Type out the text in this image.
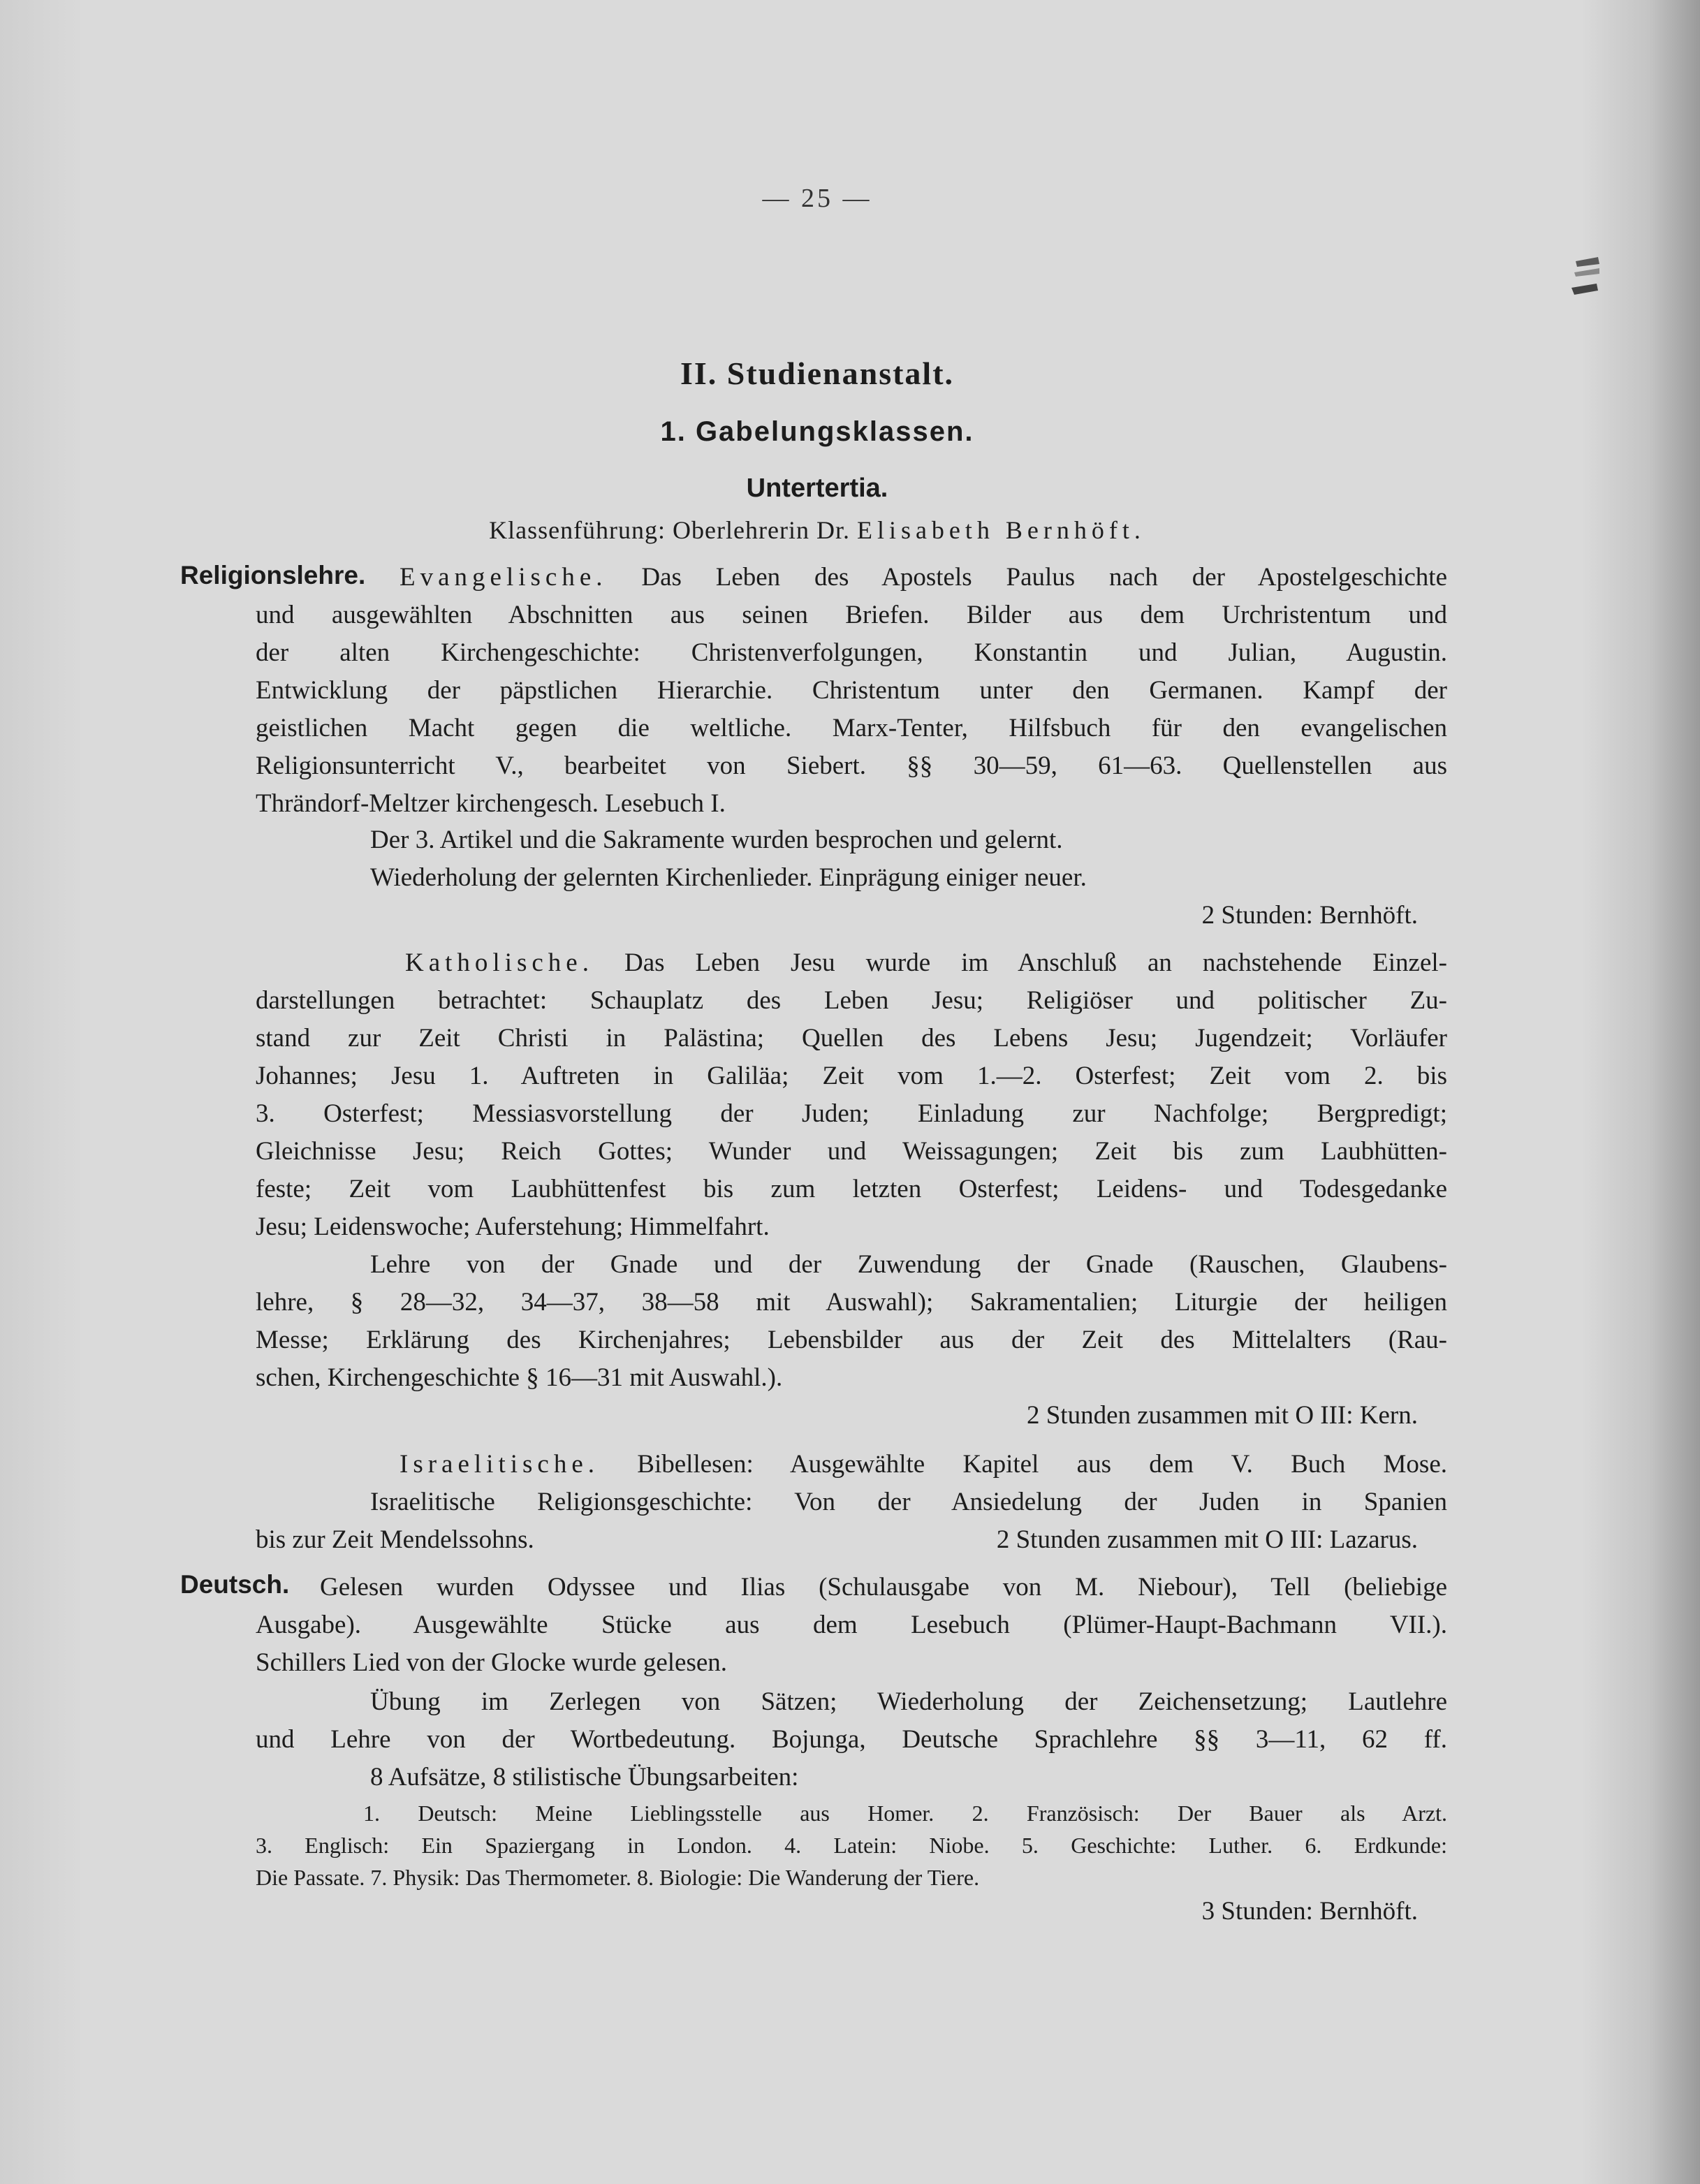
— 25 —
II. Studienanstalt.
1. Gabelungsklassen.
Untertertia.
Klassenführung: Oberlehrerin Dr. Elisabeth Bernhöft.
Religionslehre. Evangelische. Das Leben des Apostels Paulus nach der Apostelgeschichte
und ausgewählten Abschnitten aus seinen Briefen. Bilder aus dem Urchristentum und
der alten Kirchengeschichte: Christenverfolgungen, Konstantin und Julian, Augustin.
Entwicklung der päpstlichen Hierarchie. Christentum unter den Germanen. Kampf der
geistlichen Macht gegen die weltliche. Marx-Tenter, Hilfsbuch für den evangelischen
Religionsunterricht V., bearbeitet von Siebert. §§ 30—59, 61—63. Quellenstellen aus
Thrändorf-Meltzer kirchengesch. Lesebuch I.
Der 3. Artikel und die Sakramente wurden besprochen und gelernt.
Wiederholung der gelernten Kirchenlieder. Einprägung einiger neuer.
2 Stunden: Bernhöft.
Katholische. Das Leben Jesu wurde im Anschluß an nachstehende Einzel-
darstellungen betrachtet: Schauplatz des Leben Jesu; Religiöser und politischer Zu-
stand zur Zeit Christi in Palästina; Quellen des Lebens Jesu; Jugendzeit; Vorläufer
Johannes; Jesu 1. Auftreten in Galiläa; Zeit vom 1.—2. Osterfest; Zeit vom 2. bis
3. Osterfest; Messiasvorstellung der Juden; Einladung zur Nachfolge; Bergpredigt;
Gleichnisse Jesu; Reich Gottes; Wunder und Weissagungen; Zeit bis zum Laubhütten-
feste; Zeit vom Laubhüttenfest bis zum letzten Osterfest; Leidens- und Todesgedanke
Jesu; Leidenswoche; Auferstehung; Himmelfahrt.
Lehre von der Gnade und der Zuwendung der Gnade (Rauschen, Glaubens-
lehre, § 28—32, 34—37, 38—58 mit Auswahl); Sakramentalien; Liturgie der heiligen
Messe; Erklärung des Kirchenjahres; Lebensbilder aus der Zeit des Mittelalters (Rau-
schen, Kirchengeschichte § 16—31 mit Auswahl.).
2 Stunden zusammen mit O III: Kern.
Israelitische. Bibellesen: Ausgewählte Kapitel aus dem V. Buch Mose.
Israelitische Religionsgeschichte: Von der Ansiedelung der Juden in Spanien
bis zur Zeit Mendelssohns.	2 Stunden zusammen mit O III: Lazarus.
Deutsch. Gelesen wurden Odyssee und Ilias (Schulausgabe von M. Niebour), Tell (beliebige
Ausgabe). Ausgewählte Stücke aus dem Lesebuch (Plümer-Haupt-Bachmann VII.).
Schillers Lied von der Glocke wurde gelesen.
Übung im Zerlegen von Sätzen; Wiederholung der Zeichensetzung; Lautlehre
und Lehre von der Wortbedeutung. Bojunga, Deutsche Sprachlehre §§ 3—11, 62 ff.
8 Aufsätze, 8 stilistische Übungsarbeiten:
1. Deutsch: Meine Lieblingsstelle aus Homer. 2. Französisch: Der Bauer als Arzt.
3. Englisch: Ein Spaziergang in London. 4. Latein: Niobe. 5. Geschichte: Luther. 6. Erdkunde:
Die Passate. 7. Physik: Das Thermometer. 8. Biologie: Die Wanderung der Tiere.
3 Stunden: Bernhöft.
